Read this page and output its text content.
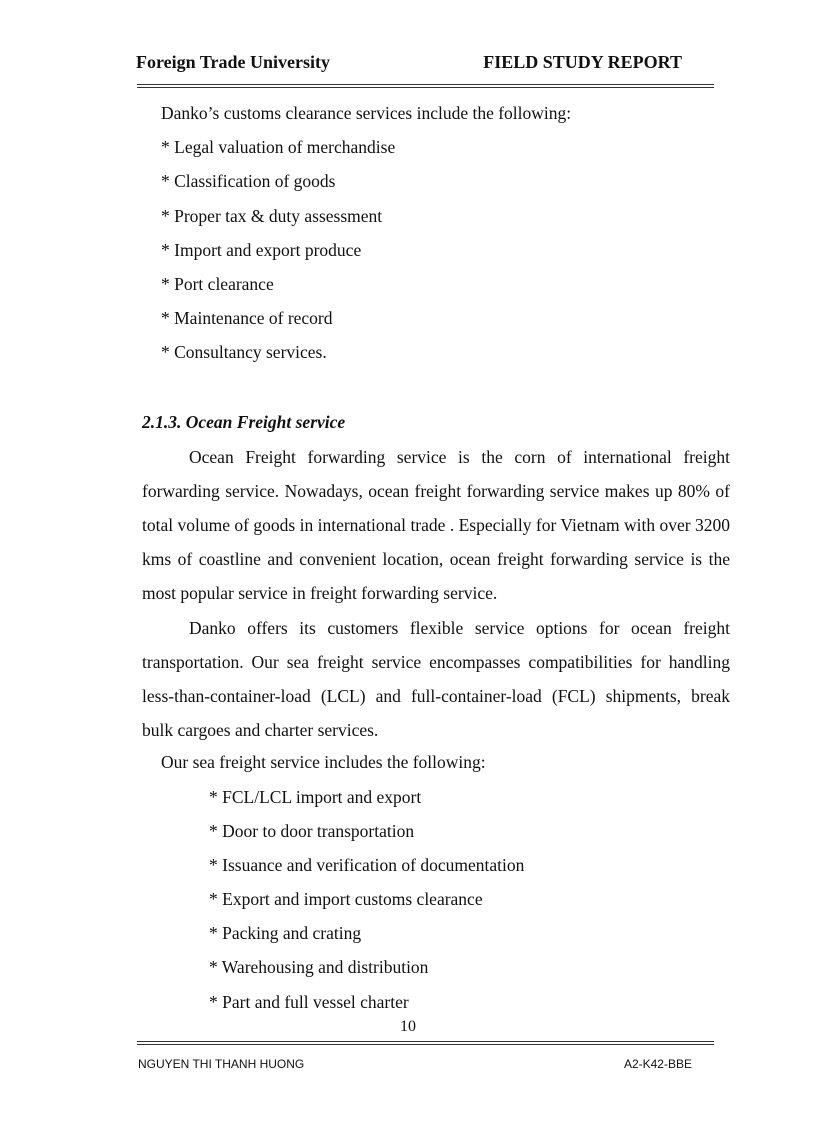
Foreign Trade University	FIELD STUDY REPORT
Danko’s customs clearance services include the following:
* Legal valuation of merchandise
* Classification of goods
* Proper tax & duty assessment
* Import and export produce
* Port clearance
* Maintenance of record
* Consultancy services.
2.1.3. Ocean Freight service

Ocean Freight forwarding service is the corn of international freight forwarding service. Nowadays, ocean freight forwarding service makes up 80% of total volume of goods in international trade . Especially for Vietnam with over 3200 kms of coastline and convenient location, ocean freight forwarding service is the most popular service in freight forwarding service.

Danko offers its customers flexible service options for ocean freight transportation. Our sea freight service encompasses compatibilities for handling less-than-container-load (LCL) and full-container-load (FCL) shipments, break bulk cargoes and charter services.

Our sea freight service includes the following:
* FCL/LCL import and export
* Door to door transportation
* Issuance and verification of documentation
* Export and import customs clearance
* Packing and crating
* Warehousing and distribution
* Part and full vessel charter
10
NGUYEN THI THANH HUONG	A2-K42-BBE
